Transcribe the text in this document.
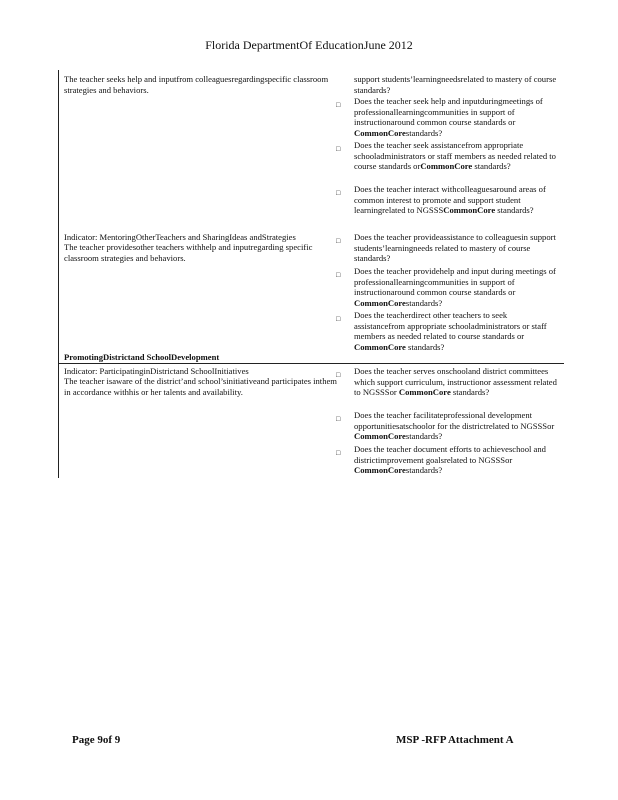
Florida DepartmentOf EducationJune 2012
The teacher seeks help and inputfrom colleaguesregardingspecific classroom strategies and behaviors.
Indicator: MentoringOtherTeachers and SharingIdeas andStrategies
The teacher providesother teachers withhelp and inputregarding specific classroom strategies and behaviors.
PromotingDistrictand SchoolDevelopment
Indicator: ParticipatinginDistrictand SchoolInitiatives
The teacher isaware of the district’and school’sinitiativeand participates inthem in accordance withhis or her talents and availability.
support students’learningneedsrelated to mastery of course standards?
□ Does the teacher seek help and inputduringmeetings of professionallearningcommunities in support of instructionaround common course standards or CommonCorestandards?
□ Does the teacher seek assistancefrom appropriate schooladministrators or staff members as needed related to course standards orCommonCore standards?
□ Does the teacher interact withcolleaguesaround areas of common interest to promote and support student learningrelated to NGSSSCommonCore standards?
□ Does the teacher provideassistance to colleaguesin support students’learningneeds related to mastery of course standards?
□ Does the teacher providehelp and input during meetings of professionallearningcommunities in support of instructionaround common course standards or CommonCorestandards?
□ Does the teacherdirect other teachers to seek assistancefrom appropriate schooladministrators or staff members as needed related to course standards or CommonCore standards?
□ Does the teacher serves onschooland district committees which support curriculum, instructionor assessment related to NGSSSor CommonCore standards?
□ Does the teacher facilitateprofessional development opportunitiesatschoolor for the districtrelated to NGSSSor CommonCorestandards?
□ Does the teacher document efforts to achieveschool and districtimprovement goalsrelated to NGSSSor CommonCorestandards?
Page 9of 9	MSP -RFP Attachment A
